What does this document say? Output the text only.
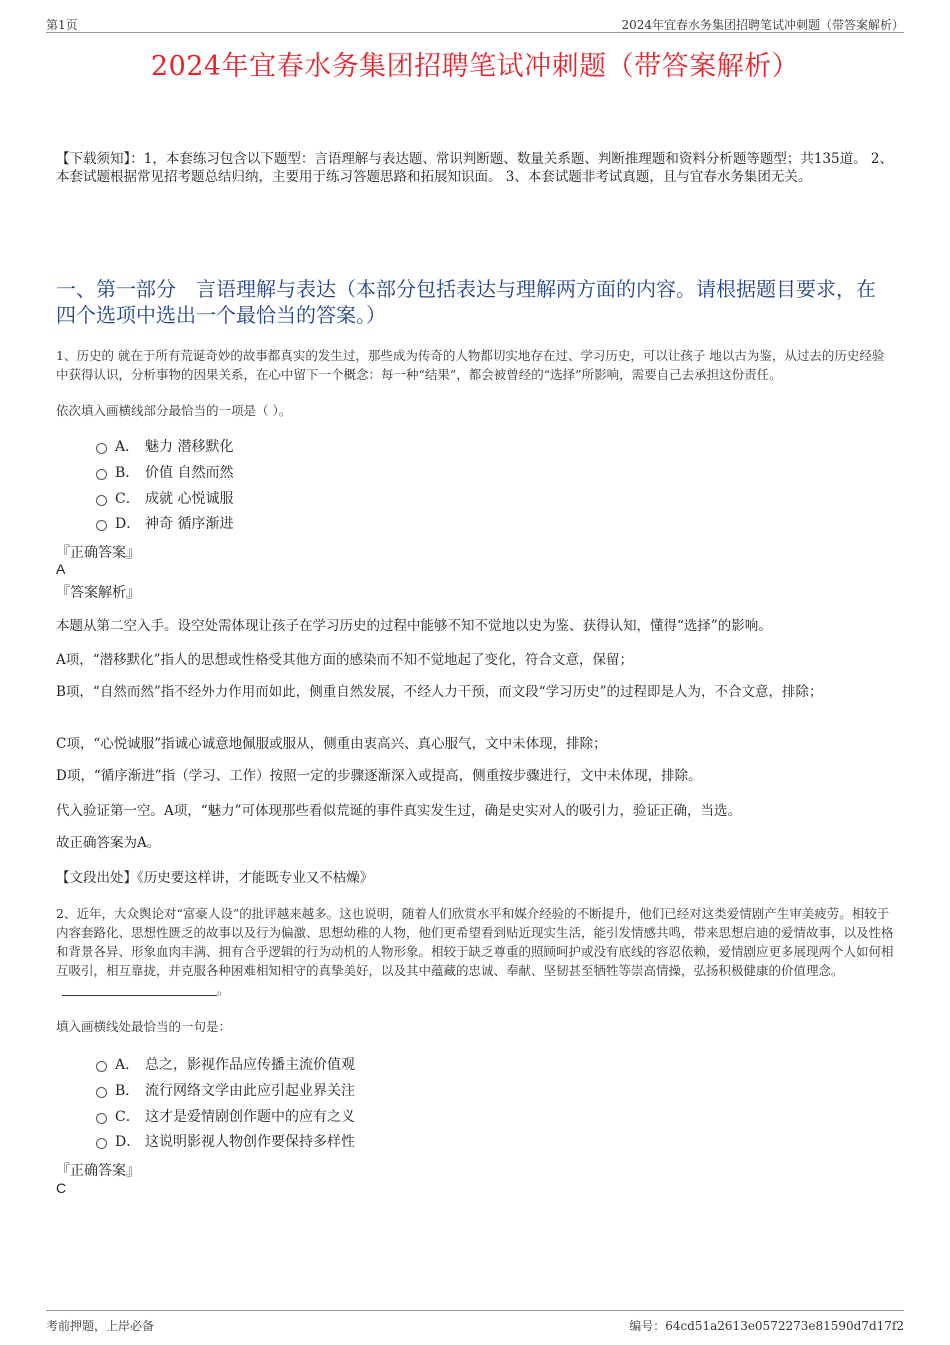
第1页	2024年宜春水务集团招聘笔试冲刺题（带答案解析）
2024年宜春水务集团招聘笔试冲刺题（带答案解析）
【下载须知】：1，本套练习包含以下题型：言语理解与表达题、常识判断题、数量关系题、判断推理题和资料分析题等题型；共135道。 2、本套试题根据常见招考题总结归纳，主要用于练习答题思路和拓展知识面。 3、本套试题非考试真题，且与宜春水务集团无关。
一、第一部分　言语理解与表达（本部分包括表达与理解两方面的内容。请根据题目要求，在四个选项中选出一个最恰当的答案。）

1、历史的 就在于所有荒诞奇妙的故事都真实的发生过，那些成为传奇的人物都切实地存在过、学习历史，可以让孩子 地以古为鉴，从过去的历史经验中获得认识，分析事物的因果关系，在心中留下一个概念：每一种“结果”，都会被曾经的“选择”所影响，需要自己去承担这份责任。

依次填入画横线部分最恰当的一项是（ ）。

A． 魅力 潜移默化
B． 价值 自然而然
C． 成就 心悦诚服
D． 神奇 循序渐进
『正确答案』
A
『答案解析』

本题从第二空入手。设空处需体现让孩子在学习历史的过程中能够不知不觉地以史为鉴、获得认知，懂得“选择”的影响。

A项，“潜移默化”指人的思想或性格受其他方面的感染而不知不觉地起了变化，符合文意，保留；

B项，“自然而然”指不经外力作用而如此，侧重自然发展，不经人力干预，而文段“学习历史”的过程即是人为，不合文意，排除；

C项，“心悦诚服”指诚心诚意地佩服或服从，侧重由衷高兴、真心服气，文中未体现，排除；

D项，“循序渐进”指（学习、工作）按照一定的步骤逐渐深入或提高，侧重按步骤进行，文中未体现，排除。

代入验证第一空。A项，“魅力”可体现那些看似荒诞的事件真实发生过，确是史实对人的吸引力，验证正确，当选。

故正确答案为A。

【文段出处】《历史要这样讲，才能既专业又不枯燥》

2、近年，大众舆论对“富豪人设”的批评越来越多。这也说明，随着人们欣赏水平和媒介经验的不断提升，他们已经对这类爱情剧产生审美疲劳。相较于内容套路化、思想性匮乏的故事以及行为偏激、思想幼稚的人物，他们更希望看到贴近现实生活，能引发情感共鸣，带来思想启迪的爱情故事，以及性格和背景各异、形象血肉丰满、拥有合乎逻辑的行为动机的人物形象。相较于缺乏尊重的照顾呵护或没有底线的容忍依赖，爱情剧应更多展现两个人如何相互吸引，相互靠拢，并克服各种困难相知相守的真挚美好，以及其中蕴藏的忠诚、奉献、坚韧甚至牺牲等崇高情操，弘扬积极健康的价值理念。。

填入画横线处最恰当的一句是：

A． 总之，影视作品应传播主流价值观
B． 流行网络文学由此应引起业界关注
C． 这才是爱情剧创作题中的应有之义
D． 这说明影视人物创作要保持多样性
『正确答案』
C
考前押题，上岸必备	编号：64cd51a2613e0572273e81590d7d17f2
